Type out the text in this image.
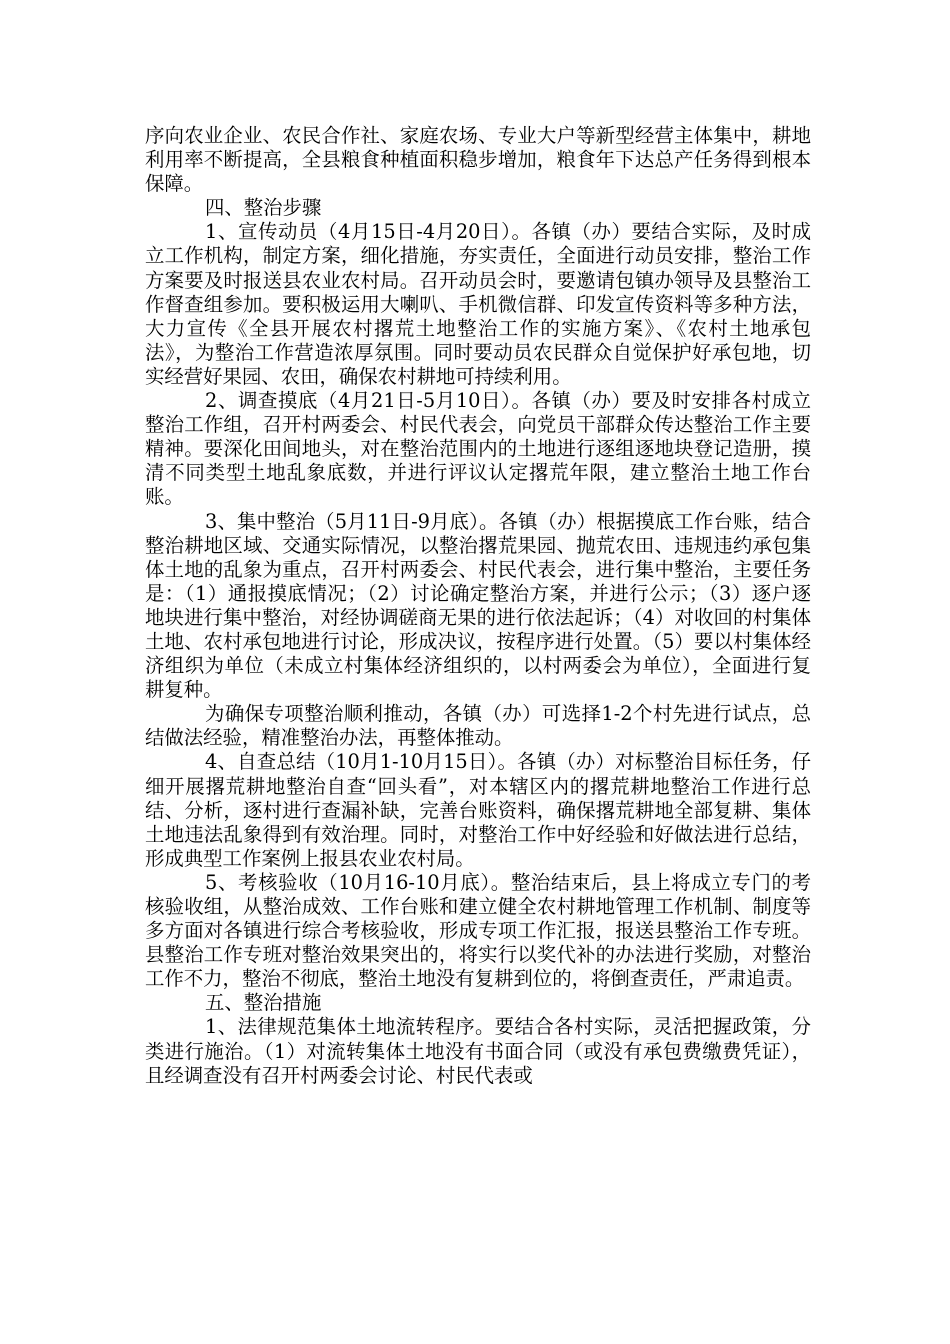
序向农业企业、农民合作社、家庭农场、专业大户等新型经营主体集中，耕地利用率不断提高，全县粮食种植面积稳步增加，粮食年下达总产任务得到根本保障。

四、整治步骤

1、宣传动员（4月15日-4月20日）。各镇（办）要结合实际，及时成立工作机构，制定方案，细化措施，夯实责任，全面进行动员安排，整治工作方案要及时报送县农业农村局。召开动员会时，要邀请包镇办领导及县整治工作督查组参加。要积极运用大喇叭、手机微信群、印发宣传资料等多种方法，大力宣传《全县开展农村撂荒土地整治工作的实施方案》、《农村土地承包法》，为整治工作营造浓厚氛围。同时要动员农民群众自觉保护好承包地，切实经营好果园、农田，确保农村耕地可持续利用。

2、调查摸底（4月21日-5月10日）。各镇（办）要及时安排各村成立整治工作组，召开村两委会、村民代表会，向党员干部群众传达整治工作主要精神。要深化田间地头，对在整治范围内的土地进行逐组逐地块登记造册，摸清不同类型土地乱象底数，并进行评议认定撂荒年限，建立整治土地工作台账。

3、集中整治（5月11日-9月底）。各镇（办）根据摸底工作台账，结合整治耕地区域、交通实际情况，以整治撂荒果园、抛荒农田、违规违约承包集体土地的乱象为重点，召开村两委会、村民代表会，进行集中整治，主要任务是：（1）通报摸底情况；（2）讨论确定整治方案，并进行公示；（3）逐户逐地块进行集中整治，对经协调磋商无果的进行依法起诉；（4）对收回的村集体土地、农村承包地进行讨论，形成决议，按程序进行处置。（5）要以村集体经济组织为单位（未成立村集体经济组织的，以村两委会为单位），全面进行复耕复种。

为确保专项整治顺利推动，各镇（办）可选择1-2个村先进行试点，总结做法经验，精准整治办法，再整体推动。

4、自查总结（10月1-10月15日）。各镇（办）对标整治目标任务，仔细开展撂荒耕地整治自查“回头看”，对本辖区内的撂荒耕地整治工作进行总结、分析，逐村进行查漏补缺，完善台账资料，确保撂荒耕地全部复耕、集体土地违法乱象得到有效治理。同时，对整治工作中好经验和好做法进行总结，形成典型工作案例上报县农业农村局。

5、考核验收（10月16-10月底）。整治结束后，县上将成立专门的考核验收组，从整治成效、工作台账和建立健全农村耕地管理工作机制、制度等多方面对各镇进行综合考核验收，形成专项工作汇报，报送县整治工作专班。县整治工作专班对整治效果突出的，将实行以奖代补的办法进行奖励，对整治工作不力，整治不彻底，整治土地没有复耕到位的，将倒查责任，严肃追责。

五、整治措施

1、法律规范集体土地流转程序。要结合各村实际，灵活把握政策，分类进行施治。（1）对流转集体土地没有书面合同（或没有承包费缴费凭证），且经调查没有召开村两委会讨论、村民代表或
